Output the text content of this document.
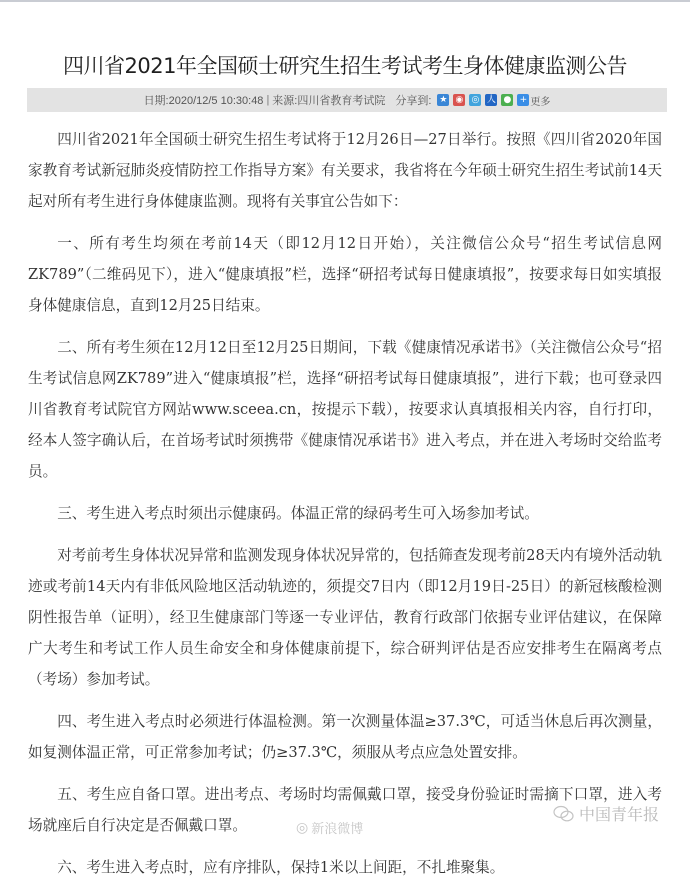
四川省2021年全国硕士研究生招生考试考生身体健康监测公告
日期:2020/12/5 10:30:48 | 来源:四川省教育考试院 分享到: ★ ◉ ◎ 人 ● + 更多

四川省2021年全国硕士研究生招生考试将于12月26日—27日举行。按照《四川省2020年国家教育考试新冠肺炎疫情防控工作指导方案》有关要求，我省将在今年硕士研究生招生考试前14天起对所有考生进行身体健康监测。现将有关事宜公告如下：

一、所有考生均须在考前14天（即12月12日开始），关注微信公众号“招生考试信息网ZK789”（二维码见下），进入“健康填报”栏，选择“研招考试每日健康填报”，按要求每日如实填报身体健康信息，直到12月25日结束。

二、所有考生须在12月12日至12月25日期间，下载《健康情况承诺书》（关注微信公众号“招生考试信息网ZK789”进入“健康填报”栏，选择“研招考试每日健康填报”，进行下载；也可登录四川省教育考试院官方网站www.sceea.cn，按提示下载），按要求认真填报相关内容，自行打印，经本人签字确认后，在首场考试时须携带《健康情况承诺书》进入考点，并在进入考场时交给监考员。

三、考生进入考点时须出示健康码。体温正常的绿码考生可入场参加考试。

对考前考生身体状况异常和监测发现身体状况异常的，包括筛查发现考前28天内有境外活动轨迹或考前14天内有非低风险地区活动轨迹的，须提交7日内（即12月19日-25日）的新冠核酸检测阴性报告单（证明），经卫生健康部门等逐一专业评估，教育行政部门依据专业评估建议，在保障广大考生和考试工作人员生命安全和身体健康前提下，综合研判评估是否应安排考生在隔离考点（考场）参加考试。

四、考生进入考点时必须进行体温检测。第一次测量体温≥37.3℃，可适当休息后再次测量，如复测体温正常，可正常参加考试；仍≥37.3℃，须服从考点应急处置安排。

五、考生应自备口罩。进出考点、考场时均需佩戴口罩，接受身份验证时需摘下口罩，进入考场就座后自行决定是否佩戴口罩。

六、考生进入考点时，应有序排队，保持1米以上间距，不扎堆聚集。

◎ 新浪微博
中国青年报
